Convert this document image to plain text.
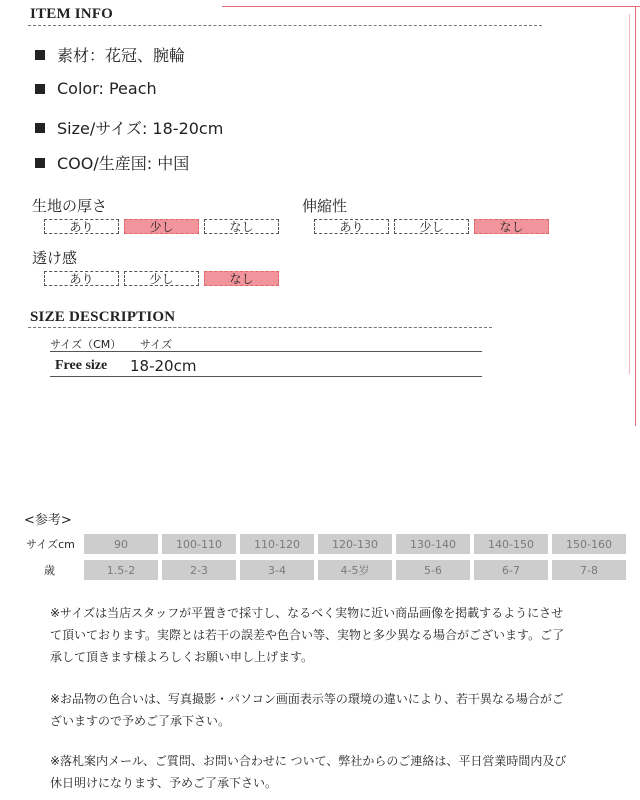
ITEM INFO
素材：花冠、腕輪
Color: Peach
Size/サイズ: 18-20cm
COO/生産国: 中国
生地の厚さ
あり	少し	なし
伸縮性
あり	少し	なし
透け感
あり	少し	なし
SIZE DESCRIPTION
サイズ（CM） サイズ
Free size 18-20cm
<参考>
サイズcm	90	100-110	110-120	120-130	130-140	140-150	150-160
歳	1.5-2	2-3	3-4	4-5岁	5-6	6-7	7-8
※サイズは当店スタッフが平置きで採寸し、なるべく実物に近い商品画像を掲載するようにさせて頂いております。実際とは若干の誤差や色合い等、実物と多少異なる場合がございます。ご了承して頂きます様よろしくお願い申し上げます。
※お品物の色合いは、写真撮影・パソコン画面表示等の環境の違いにより、若干異なる場合がございますので予めご了承下さい。
※落札案内メール、ご質問、お問い合わせに ついて、弊社からのご連絡は、平日営業時間内及び休日明けになります、予めご了承下さい。
